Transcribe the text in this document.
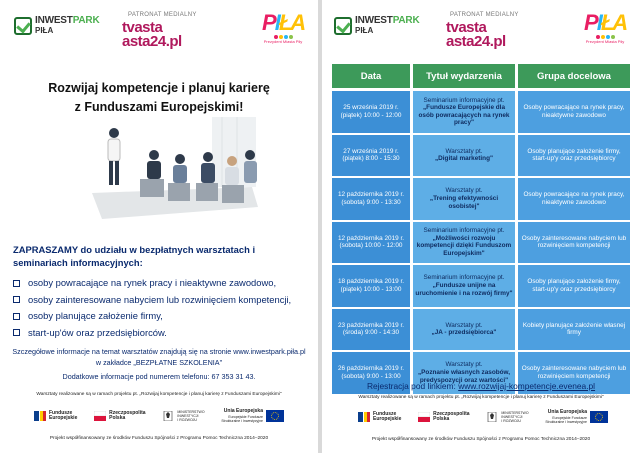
INWESTPARK
PIŁA
PATRONAT MEDIALNY
tvasta
asta24.pl
PIŁA
Prezydent Miasta Piły
Rozwijaj kompetencje i planuj karierę
z Funduszami Europejskimi!
ZAPRASZAMY do udziału w bezpłatnych warsztatach i seminariach informacyjnych:
osoby powracające na rynek pracy i nieaktywne zawodowo,
osoby zainteresowane nabyciem lub rozwinięciem kompetencji,
osoby planujące założenie firmy,
start-up'ów oraz przedsiębiorców.
Szczegółowe informacje na temat warsztatów znajdują się na stronie www.inwestpark.piła.pl
w zakładce „BEZPŁATNE SZKOLENIA"
Dodatkowe informacje pod numerem telefonu: 67 353 31 43.
Warsztaty realizowane są w ramach projektu pt. „Rozwijaj kompetencje i planuj karierę z Funduszami Europejskimi"
Fundusze
Europejskie
Rzeczpospolita
Polska
MINISTERSTWO
INWESTYCJI
I ROZWOJU
Unia Europejska
Europejskie Fundusze
Strukturalne i Inwestycyjne
Projekt współfinansowany ze środków Funduszu Spójności z Programu Pomoc Techniczna 2014–2020
INWESTPARK
PIŁA
PATRONAT MEDIALNY
tvasta
asta24.pl
PIŁA
Prezydent Miasta Piły
Data	Tytuł wydarzenia	Grupa docelowa
25 września 2019 r.
(piątek) 10:00 - 12:00
Seminarium informacyjne pt.
„Fundusze Europejskie dla osób powracających na rynek pracy"
Osoby powracające na rynek pracy, nieaktywne zawodowo
27 września 2019 r.
(piątek) 8:00 - 15:30
Warsztaty pt.
„Digital marketing"
Osoby planujące założenie firmy, start-up'y oraz przedsiębiorcy
12 października 2019 r.
(sobota) 9:00 - 13:30
Warsztaty pt.
„Trening efektywności osobistej"
Osoby powracające na rynek pracy, nieaktywne zawodowo
12 października 2019 r.
(sobota) 10:00 - 12:00
Seminarium informacyjne pt.
„Możliwości rozwoju kompetencji dzięki Funduszom Europejskim"
Osoby zainteresowane nabyciem lub rozwinięciem kompetencji
18 października 2019 r.
(piątek) 10:00 - 13:00
Seminarium informacyjne pt.
„Fundusze unijne na uruchomienie i na rozwój firmy"
Osoby planujące założenie firmy, start-up'y oraz przedsiębiorcy
23 października 2019 r.
(środa) 9:00 - 14:30
Warsztaty pt.
„JA - przedsiębiorca"
Kobiety planujące założenie własnej firmy
26 października 2019 r.
(sobota) 9:00 - 13:00
Warsztaty pt.
„Poznanie własnych zasobów, predyspozycji oraz wartości"
Osoby zainteresowane nabyciem lub rozwinięciem kompetencji
Rejestracja pod linkiem: www.rozwijaj-kompetencje.evenea.pl
Warsztaty realizowane są w ramach projektu pt. „Rozwijaj kompetencje i planuj karierę z Funduszami Europejskimi"
Fundusze
Europejskie
Rzeczpospolita
Polska
MINISTERSTWO
INWESTYCJI
I ROZWOJU
Unia Europejska
Europejskie Fundusze
Strukturalne i Inwestycyjne
Projekt współfinansowany ze środków Funduszu Spójności z Programu Pomoc Techniczna 2014–2020
